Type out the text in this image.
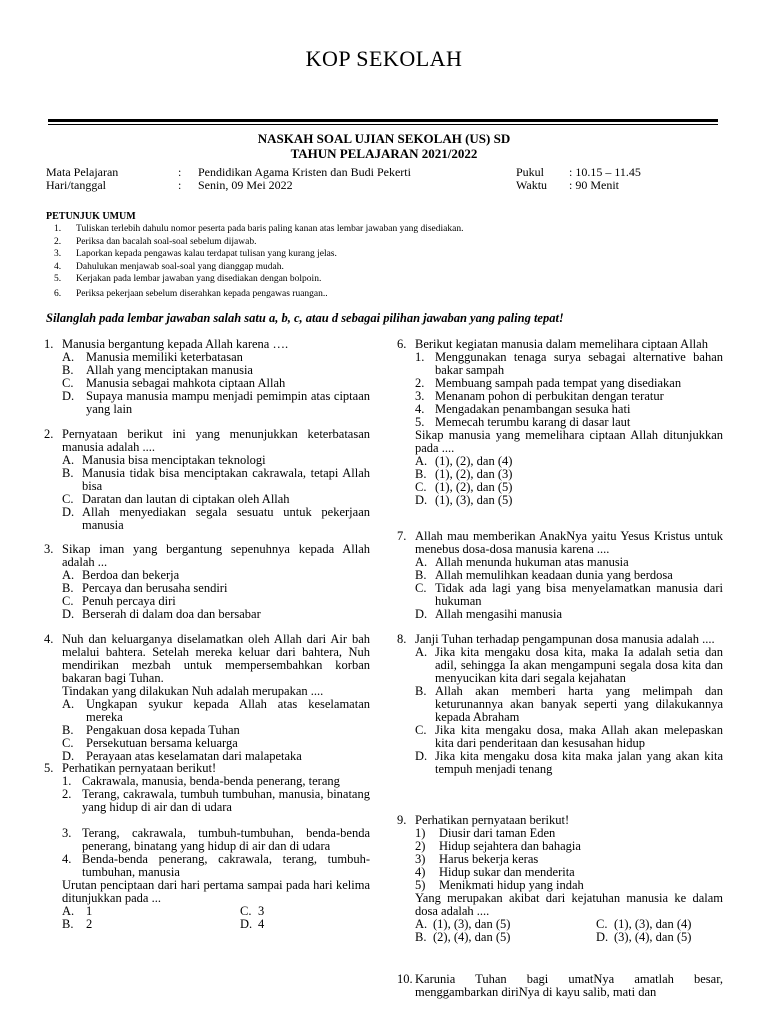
KOP SEKOLAH
NASKAH SOAL UJIAN SEKOLAH (US) SD
TAHUN PELAJARAN 2021/2022
Mata Pelajaran	: Pendidikan Agama Kristen dan Budi Pekerti	Pukul : 10.15 – 11.45
Hari/tanggal	: Senin, 09 Mei 2022	Waktu : 90 Menit
PETUNJUK UMUM
1. Tuliskan terlebih dahulu nomor peserta pada baris paling kanan atas lembar jawaban yang disediakan.
2. Periksa dan bacalah soal-soal sebelum dijawab.
3. Laporkan kepada pengawas kalau terdapat tulisan yang kurang jelas.
4. Dahulukan menjawab soal-soal yang dianggap mudah.
5. Kerjakan pada lembar jawaban yang disediakan dengan bolpoin.
6. Periksa pekerjaan sebelum diserahkan kepada pengawas ruangan..
Silanglah pada lembar jawaban salah satu a, b, c, atau d sebagai pilihan jawaban yang paling tepat!
1. Manusia bergantung kepada Allah karena ….
A. Manusia memiliki keterbatasan
B.	Allah yang menciptakan manusia
C.	Manusia sebagai mahkota ciptaan Allah
D. Supaya manusia mampu menjadi pemimpin atas ciptaan yang lain
2. Pernyataan berikut ini yang menunjukkan keterbatasan manusia adalah ....
A. Manusia bisa menciptakan teknologi
B. Manusia tidak bisa menciptakan cakrawala, tetapi Allah bisa
C. Daratan dan lautan di ciptakan oleh Allah
D. Allah menyediakan segala sesuatu untuk pekerjaan manusia
3. Sikap iman yang bergantung sepenuhnya kepada Allah adalah ...
A. Berdoa dan bekerja
B. Percaya dan berusaha sendiri
C. Penuh percaya diri
D. Berserah di dalam doa dan bersabar
4. Nuh dan keluarganya diselamatkan oleh Allah dari Air bah melalui bahtera. Setelah mereka keluar dari bahtera, Nuh mendirikan mezbah untuk mempersembahkan korban bakaran bagi Tuhan.
Tindakan yang dilakukan Nuh adalah merupakan ....
A. Ungkapan syukur kepada Allah atas keselamatan mereka
B.	Pengakuan dosa kepada Tuhan
C.	Persekutuan bersama keluarga
D. Perayaan atas keselamatan dari malapetaka
5. Perhatikan pernyataan berikut!
1. Cakrawala, manusia, benda-benda penerang, terang
2. Terang, cakrawala, tumbuh tumbuhan, manusia, binatang yang hidup di air dan di udara
3. Terang, cakrawala, tumbuh-tumbuhan, benda-benda penerang, binatang yang hidup di air dan di udara
4. Benda-benda penerang, cakrawala, terang, tumbuh-tumbuhan, manusia
Urutan penciptaan dari hari pertama sampai pada hari kelima ditunjukkan pada ...
A. 1	C. 3
B. 2	D. 4
6. Berikut kegiatan manusia dalam memelihara ciptaan Allah
1. Menggunakan tenaga surya sebagai alternative bahan bakar sampah
2. Membuang sampah pada tempat yang disediakan
3. Menanam pohon di perbukitan dengan teratur
4. Mengadakan penambangan sesuka hati
5. Memecah terumbu karang di dasar laut
Sikap manusia yang memelihara ciptaan Allah ditunjukkan pada ....
A. (1), (2), dan (4)
B. (1), (2), dan (3)
C. (1), (2), dan (5)
D. (1), (3), dan (5)
7. Allah mau memberikan AnakNya yaitu Yesus Kristus untuk menebus dosa-dosa manusia karena ....
A. Allah menunda hukuman atas manusia
B. Allah memulihkan keadaan dunia yang berdosa
C. Tidak ada lagi yang bisa menyelamatkan manusia dari hukuman
D. Allah mengasihi manusia
8. Janji Tuhan terhadap pengampunan dosa manusia adalah ....
A. Jika kita mengaku dosa kita, maka Ia adalah setia dan adil, sehingga Ia akan mengampuni segala dosa kita dan menyucikan kita dari segala kejahatan
B. Allah akan memberi harta yang melimpah dan keturunannya akan banyak seperti yang dilakukannya kepada Abraham
C. Jika kita mengaku dosa, maka Allah akan melepaskan kita dari penderitaan dan kesusahan hidup
D. Jika kita mengaku dosa kita maka jalan yang akan kita tempuh menjadi tenang
9. Perhatikan pernyataan berikut!
1)	Diusir dari taman Eden
2)	Hidup sejahtera dan bahagia
3)	Harus bekerja keras
4)	Hidup sukar dan menderita
5)	Menikmati hidup yang indah
Yang merupakan akibat dari kejatuhan manusia ke dalam dosa adalah ....
A. (1), (3), dan (5)	C. (1), (3), dan (4)
B. (2), (4), dan (5)	D. (3), (4), dan (5)
10. Karunia Tuhan bagi umatNya amatlah besar, menggambarkan diriNya di kayu salib, mati dan
